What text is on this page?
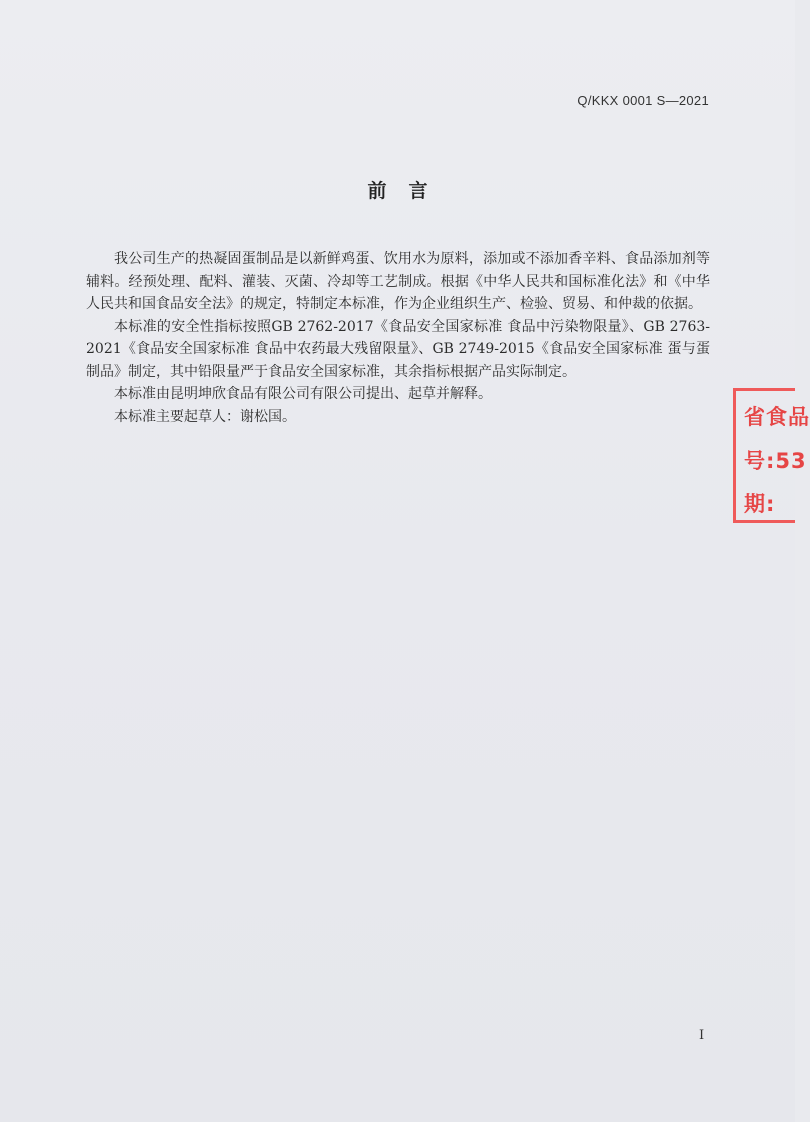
Q/KKX 0001 S—2021
前言

我公司生产的热凝固蛋制品是以新鲜鸡蛋、饮用水为原料，添加或不添加香辛料、食品添加剂等辅料。经预处理、配料、灌装、灭菌、冷却等工艺制成。根据《中华人民共和国标准化法》和《中华人民共和国食品安全法》的规定，特制定本标准，作为企业组织生产、检验、贸易、和仲裁的依据。

本标准的安全性指标按照GB 2762-2017《食品安全国家标准 食品中污染物限量》、GB 2763-2021《食品安全国家标准 食品中农药最大残留限量》、GB 2749-2015《食品安全国家标准 蛋与蛋制品》制定，其中铅限量严于食品安全国家标准，其余指标根据产品实际制定。

本标准由昆明坤欣食品有限公司有限公司提出、起草并解释。

本标准主要起草人：谢松国。	省食品
号:53
期:
I
